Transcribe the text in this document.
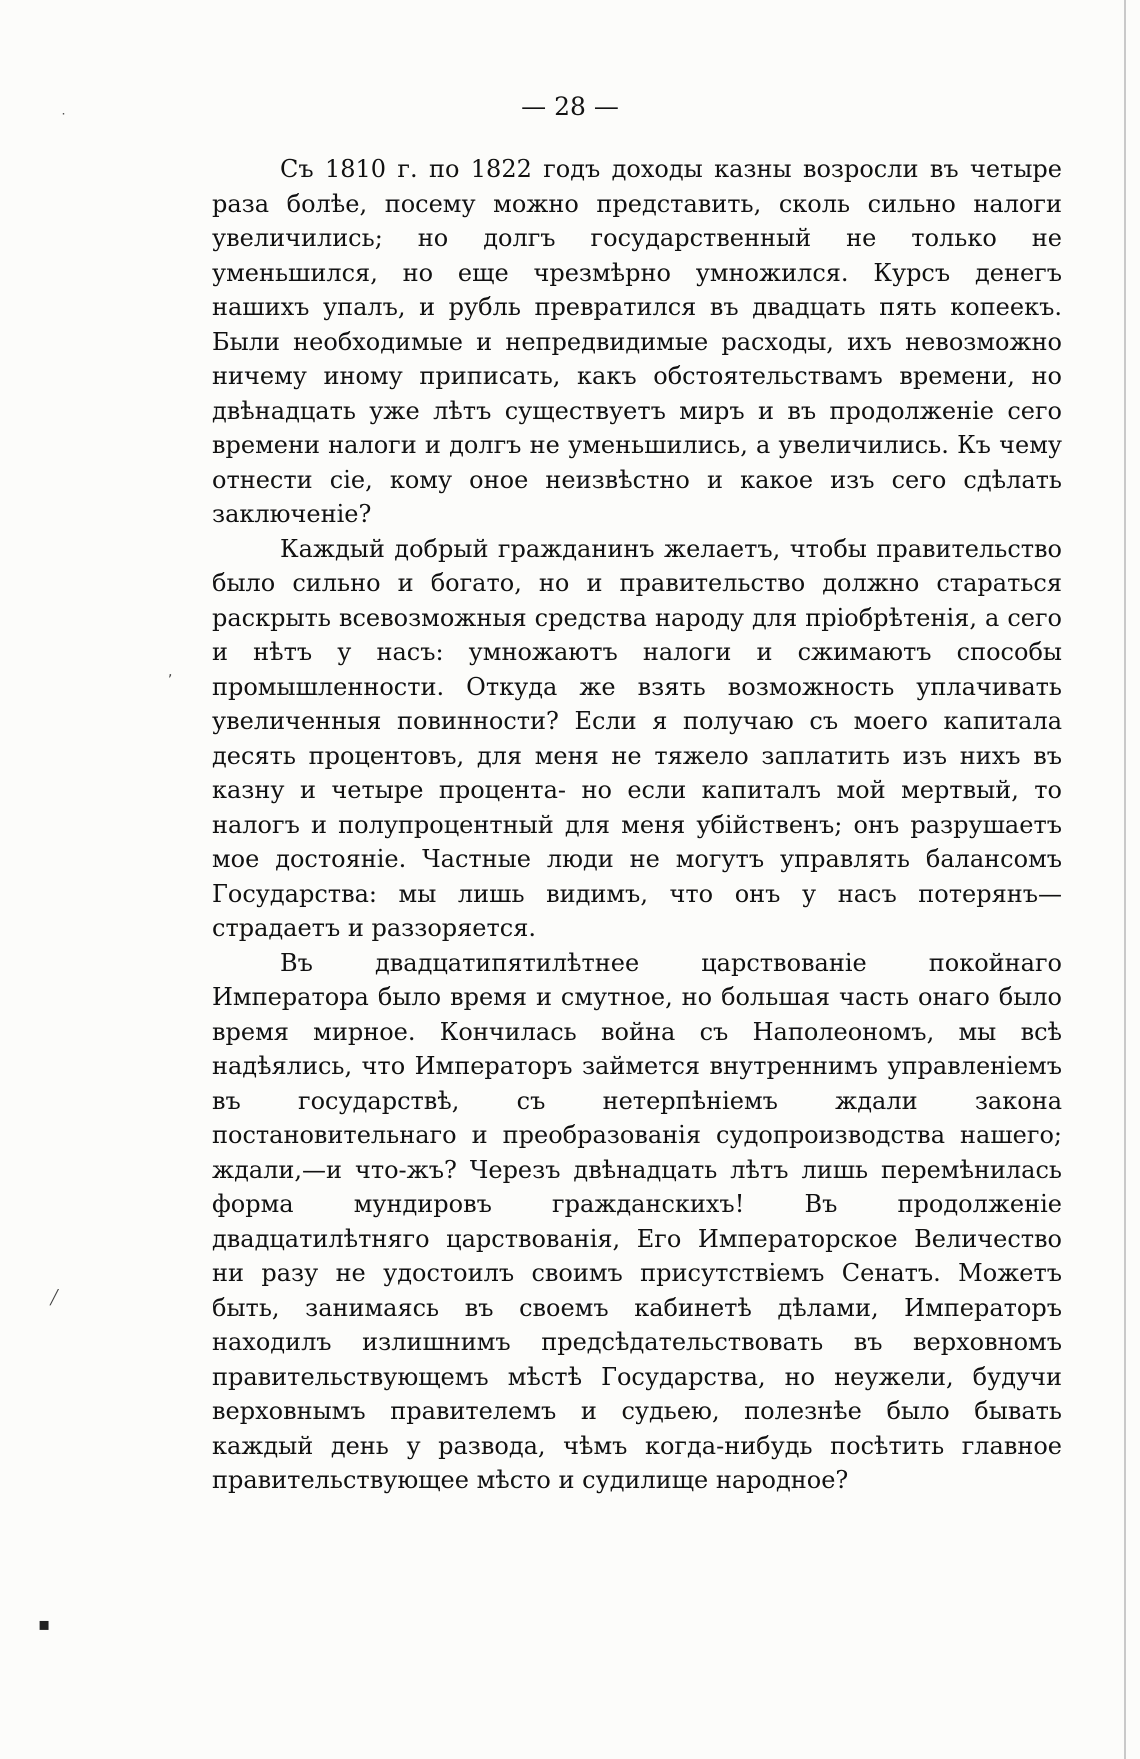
— 28 —

Съ 1810 г. по 1822 годъ доходы казны возросли въ четыре раза болѣе, посему можно представить, сколь сильно налоги увеличились; но долгъ государственный не только не уменьшился, но еще чрезмѣрно умножился. Курсъ денегъ нашихъ упалъ, и рубль превратился въ двадцать пять копеекъ. Были необходимые и непредвидимые расходы, ихъ невозможно ничему иному приписать, какъ обстоятельствамъ времени, но двѣнадцать уже лѣтъ существуетъ миръ и въ продолженіе сего времени налоги и долгъ не уменьшились, а увеличились. Къ чему отнести сіе, кому оное неизвѣстно и какое изъ сего сдѣлать заключеніе?

Каждый добрый гражданинъ желаетъ, чтобы правительство было сильно и богато, но и правительство должно стараться раскрыть всевозможныя средства народу для пріобрѣтенія, а сего и нѣтъ у насъ: умножаютъ налоги и сжимаютъ способы промышленности. Откуда же взять возможность уплачивать увеличенныя повинности? Если я получаю съ моего капитала десять процентовъ, для меня не тяжело заплатить изъ нихъ въ казну и четыре процента- но если капиталъ мой мертвый, то налогъ и полупроцентный для меня убійственъ; онъ разрушаетъ мое достояніе. Частные люди не могутъ управлять балансомъ Государства: мы лишь видимъ, что онъ у насъ потерянъ—страдаетъ и раззоряется.

Въ двадцатипятилѣтнее царствованіе покойнаго Императора было время и смутное, но большая часть онаго было время мирное. Кончилась война съ Наполеономъ, мы всѣ надѣялись, что Императоръ займется внутреннимъ управленіемъ въ государствѣ, съ нетерпѣніемъ ждали закона постановительнаго и преобразованія судопроизводства нашего; ждали,—и что-жъ? Черезъ двѣнадцать лѣтъ лишь перемѣнилась форма мундировъ гражданскихъ! Въ продолженіе двадцатилѣтняго царствованія, Его Императорское Величество ни разу не удостоилъ своимъ присутствіемъ Сенатъ. Можетъ быть, занимаясь въ своемъ кабинетѣ дѣлами, Императоръ находилъ излишнимъ предсѣдательствовать въ верховномъ правительствующемъ мѣстѣ Государства, но неужели, будучи верховнымъ правителемъ и судьею, полезнѣе было бывать каждый день у развода, чѣмъ когда-нибудь посѣтить главное правительствующее мѣсто и судилище народное?

˙
,
╱
▪
